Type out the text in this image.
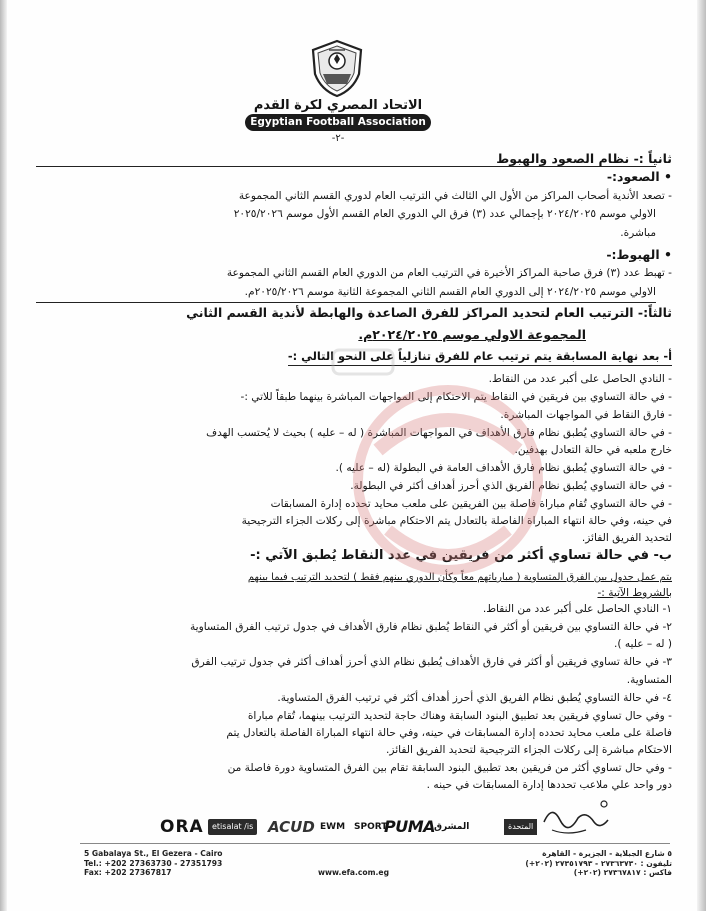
الاتحاد المصري لكرة القدم
Egyptian Football Association
-٢-
ثانياً :- نظام الصعود والهبوط
• الصعود:-
- تصعد الأندية أصحاب المراكز من الأول الي الثالث في الترتيب العام لدوري القسم الثاني المجموعة
الاولي موسم ٢٠٢٤/٢٠٢٥ بإجمالي عدد (٣) فرق الي الدوري العام القسم الأول موسم ٢٠٢٥/٢٠٢٦
مباشرة.
• الهبوط:-
- تهبط عدد (٣) فرق صاحبة المراكز الأخيرة في الترتيب العام من الدوري العام القسم الثاني المجموعة
الاولي موسم ٢٠٢٤/٢٠٢٥ إلى الدوري العام القسم الثاني المجموعة الثانية موسم ٢٠٢٥/٢٠٢٦م.
ثالثاً:- الترتيب العام لتحديد المراكز للفرق الصاعدة والهابطة لأندية القسم الثاني
المجموعة الاولي موسم ٢٠٢٤/٢٠٢٥م.
أ- بعد نهاية المسابقة يتم ترتيب عام للفرق تنازلياً على النحو التالي :-
- النادي الحاصل على أكبر عدد من النقاط.
- في حالة التساوي بين فريقين في النقاط يتم الاحتكام إلى المواجهات المباشرة بينهما طبقاً للاتي :-
- فارق النقاط في المواجهات المباشرة.
- في حالة التساوي يُطبق نظام فارق الأهداف في المواجهات المباشرة ( له – عليه ) بحيث لا يُحتسب الهدف
خارج ملعبه في حالة التعادل بهدفين.
- في حالة التساوي يُطبق نظام فارق الأهداف العامة في البطولة (له – عليه ).
- في حالة التساوي يُطبق نظام الفريق الذي أحرز أهداف أكثر في البطولة.
- في حالة التساوي تُقام مباراة فاصلة بين الفريقين على ملعب محايد تحدده إدارة المسابقات
في حينه، وفي حالة انتهاء المباراة الفاصلة بالتعادل يتم الاحتكام مباشرة إلى ركلات الجزاء الترجيحية
لتحديد الفريق الفائز.
ب- في حالة تساوي أكثر من فريقين في عدد النقاط يُطبق الآتي :-
يتم عمل جدول بين الفرق المتساوية ( مبارياتهم معاً وكأن الدوري بينهم فقط ) لتحديد الترتيب فيما بينهم
بالشروط الآتية :-
١- النادي الحاصل على أكبر عدد من النقاط.
٢- في حالة التساوي بين فريقين أو أكثر في النقاط يُطبق نظام فارق الأهداف في جدول ترتيب الفرق المتساوية
( له – عليه ).
٣- في حالة تساوي فريقين أو أكثر في فارق الأهداف يُطبق نظام الذي أحرز أهداف أكثر في جدول ترتيب الفرق
المتساوية.
٤- في حالة التساوي يُطبق نظام الفريق الذي أحرز أهداف أكثر في ترتيب الفرق المتساوية.
- وفي حال تساوي فريقين بعد تطبيق البنود السابقة وهناك حاجة لتحديد الترتيب بينهما، تُقام مباراة
فاصلة على ملعب محايد تحدده إدارة المسابقات في حينه، وفي حالة انتهاء المباراة الفاصلة بالتعادل يتم
الاحتكام مباشرة إلى ركلات الجزاء الترجيحية لتحديد الفريق الفائز.
- وفي حال تساوي أكثر من فريقين بعد تطبيق البنود السابقة تقام بين الفرق المتساوية دورة فاصلة من
دور واحد علي ملاعب تحددها إدارة المسابقات في حينه .
ORA	etisalat /is ACUD EWM SPORT
PUMA
المشرق	المتحدة
5 Gabalaya St., El Gezera - Cairo
Tel.: +202 27363730 - 27351793
Fax: +202 27367817	www.efa.com.eg
٥ شارع الجبلاية - الجزيرة - القاهرة
تليفون : ٢٧٣٦٣٧٣٠ - ٢٧٣٥١٧٩٣ (٢٠٢+)
فاكس : ٢٧٣٦٧٨١٧ (٢٠٢+)
